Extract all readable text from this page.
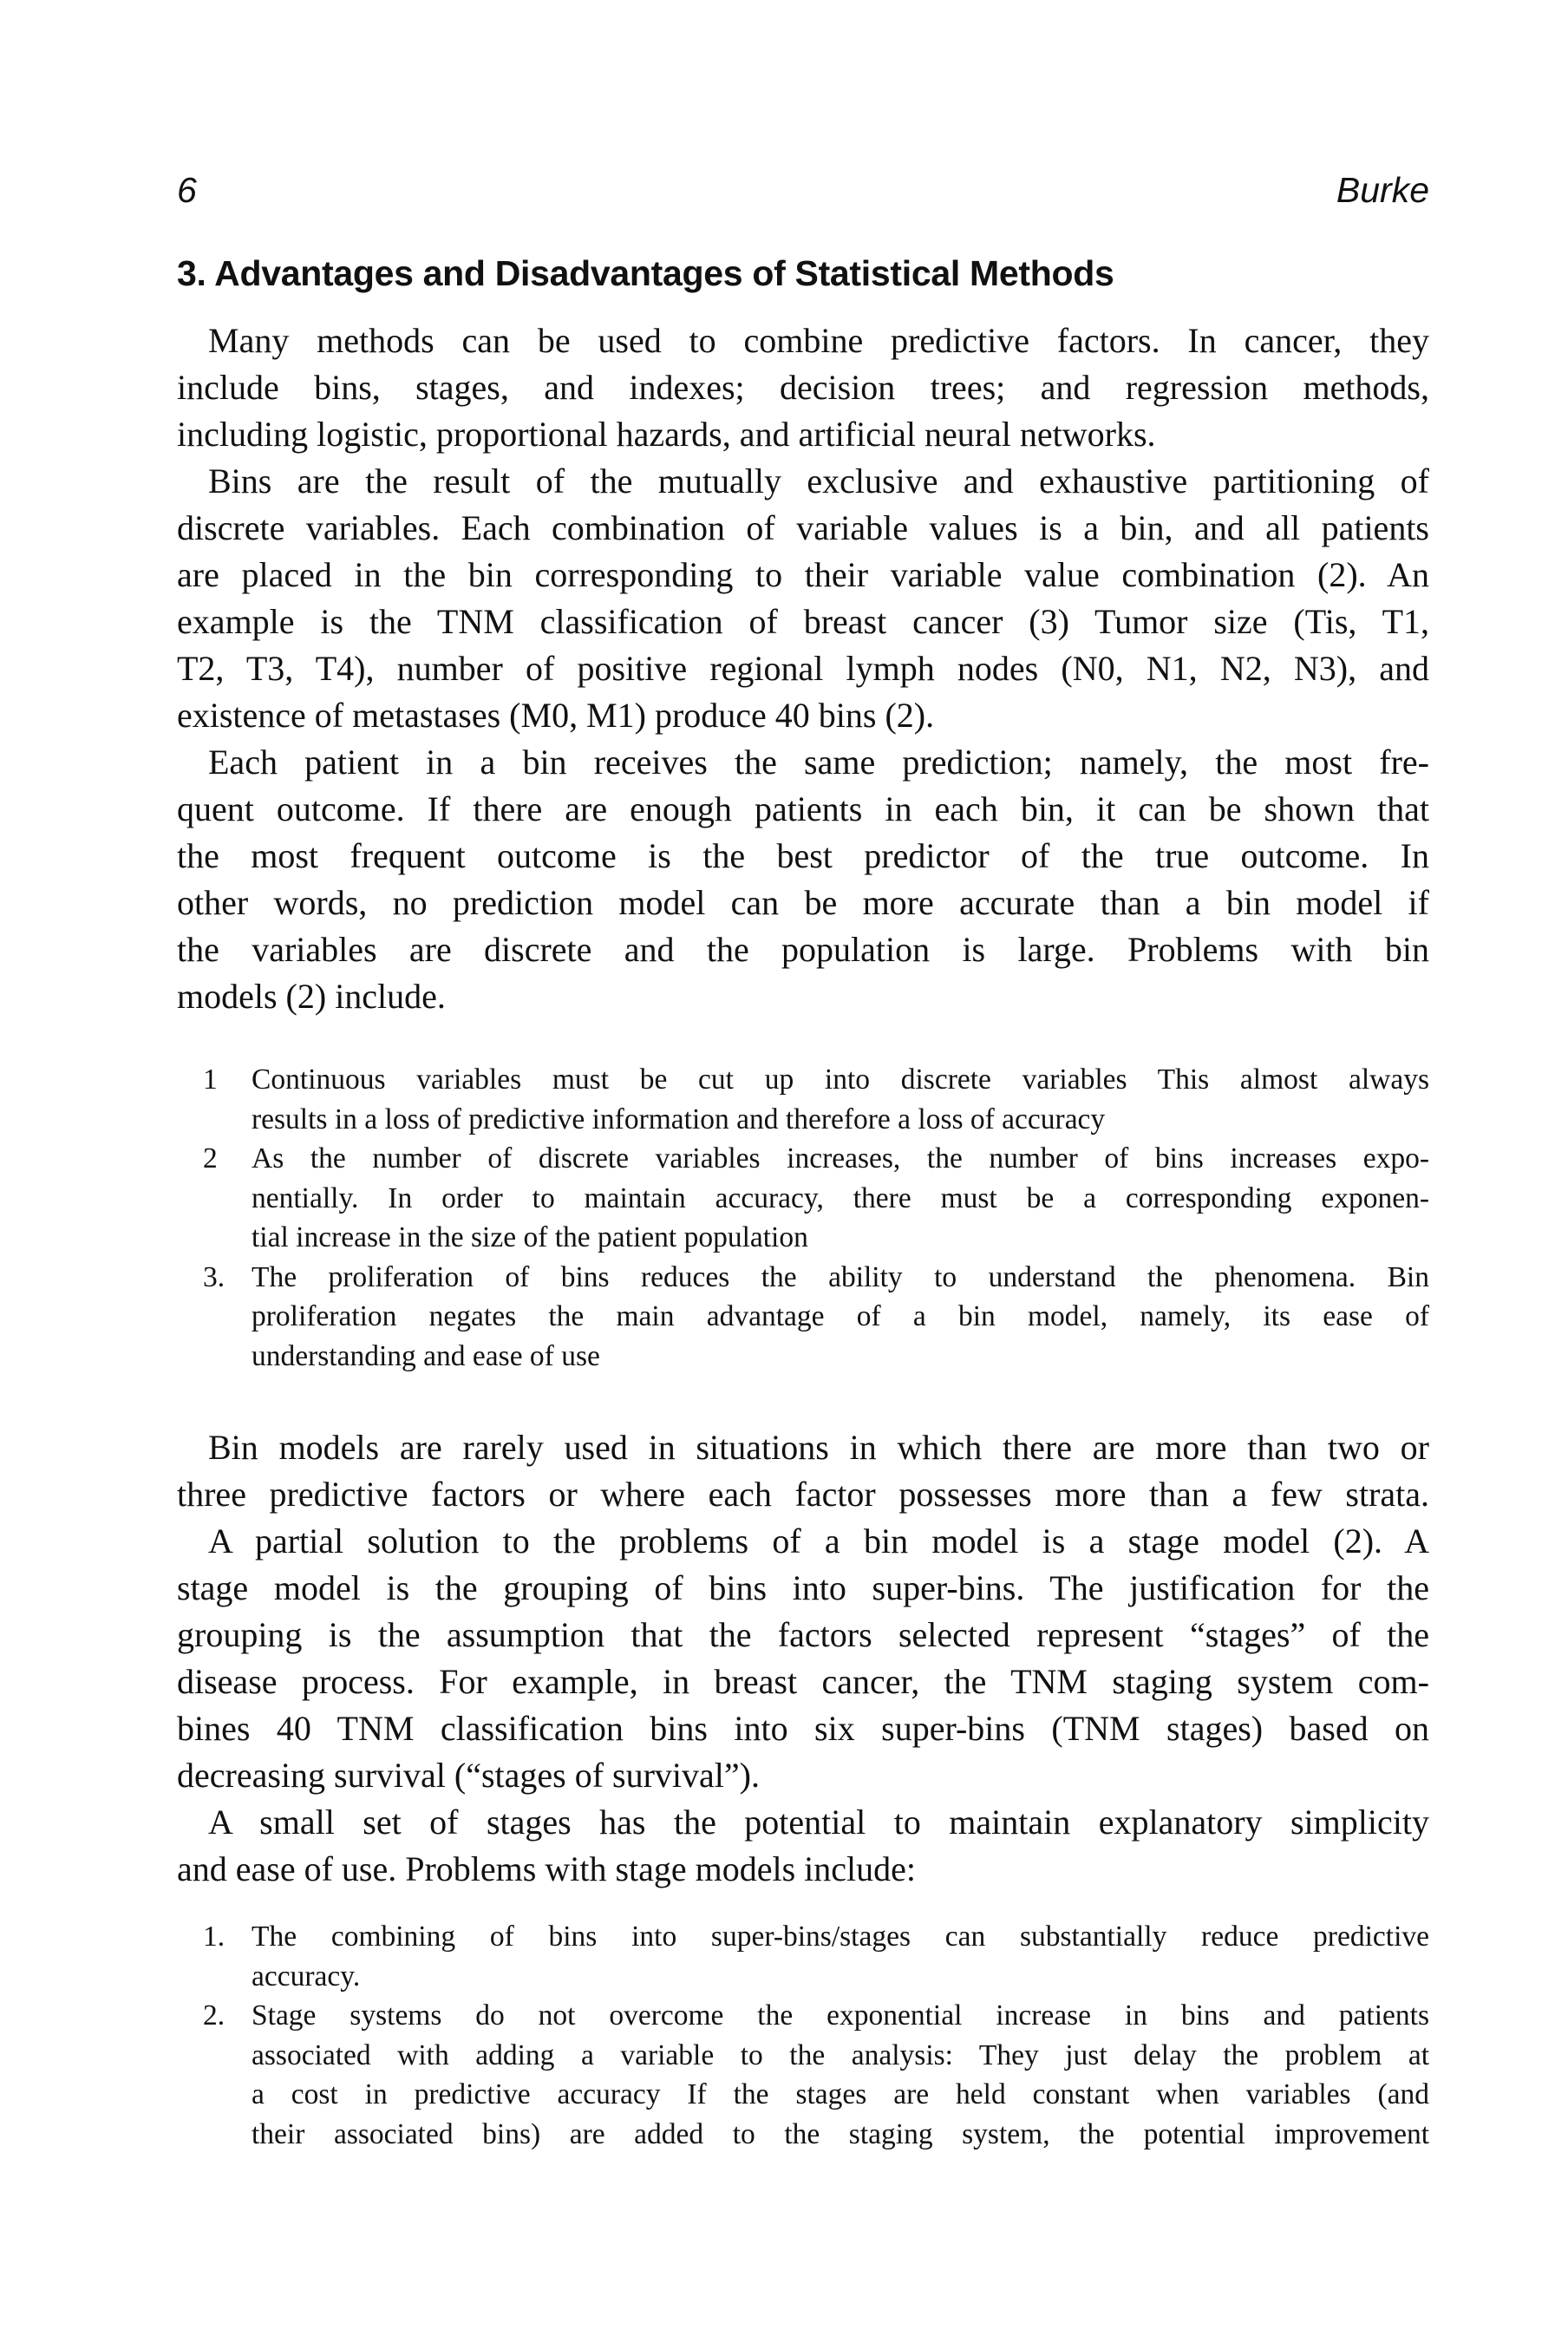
6	Burke
3. Advantages and Disadvantages of Statistical Methods
Many methods can be used to combine predictive factors. In cancer, they
include bins, stages, and indexes; decision trees; and regression methods,
including logistic, proportional hazards, and artificial neural networks.
Bins are the result of the mutually exclusive and exhaustive partitioning of
discrete variables. Each combination of variable values is a bin, and all patients
are placed in the bin corresponding to their variable value combination (2). An
example is the TNM classification of breast cancer (3) Tumor size (Tis, T1,
T2, T3, T4), number of positive regional lymph nodes (N0, N1, N2, N3), and
existence of metastases (M0, M1) produce 40 bins (2).
Each patient in a bin receives the same prediction; namely, the most fre-
quent outcome. If there are enough patients in each bin, it can be shown that
the most frequent outcome is the best predictor of the true outcome. In
other words, no prediction model can be more accurate than a bin model if
the variables are discrete and the population is large. Problems with bin
models (2) include.
1 Continuous variables must be cut up into discrete variables This almost always
results in a loss of predictive information and therefore a loss of accuracy
2 As the number of discrete variables increases, the number of bins increases expo-
nentially. In order to maintain accuracy, there must be a corresponding exponen-
tial increase in the size of the patient population
3. The proliferation of bins reduces the ability to understand the phenomena. Bin
proliferation negates the main advantage of a bin model, namely, its ease of
understanding and ease of use
Bin models are rarely used in situations in which there are more than two or
three predictive factors or where each factor possesses more than a few strata.
A partial solution to the problems of a bin model is a stage model (2). A
stage model is the grouping of bins into super-bins. The justification for the
grouping is the assumption that the factors selected represent “stages” of the
disease process. For example, in breast cancer, the TNM staging system com-
bines 40 TNM classification bins into six super-bins (TNM stages) based on
decreasing survival (“stages of survival”).
A small set of stages has the potential to maintain explanatory simplicity
and ease of use. Problems with stage models include:
1. The combining of bins into super-bins/stages can substantially reduce predictive
accuracy.
2. Stage systems do not overcome the exponential increase in bins and patients
associated with adding a variable to the analysis: They just delay the problem at
a cost in predictive accuracy If the stages are held constant when variables (and
their associated bins) are added to the staging system, the potential improvement
